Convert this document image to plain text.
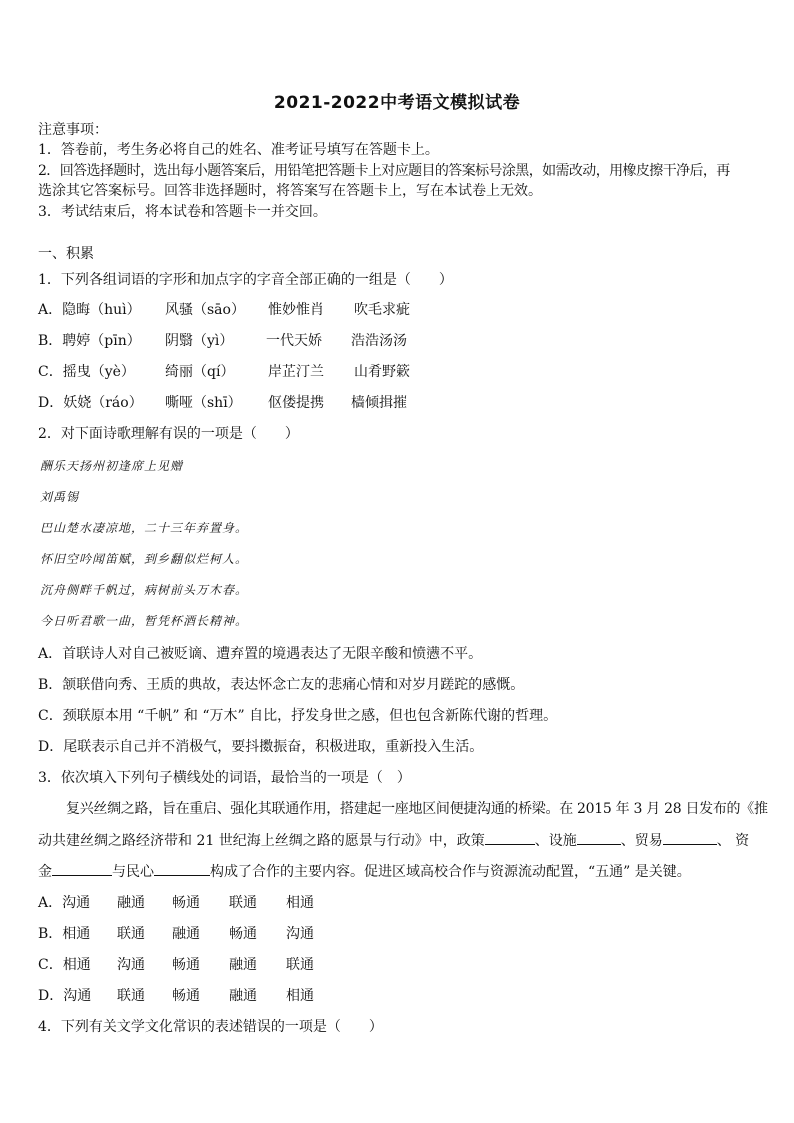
2021-2022中考语文模拟试卷
注意事项：
1．答卷前，考生务必将自己的姓名、准考证号填写在答题卡上。
2．回答选择题时，选出每小题答案后，用铅笔把答题卡上对应题目的答案标号涂黑，如需改动，用橡皮擦干净后，再
选涂其它答案标号。回答非选择题时，将答案写在答题卡上，写在本试卷上无效。
3．考试结束后，将本试卷和答题卡一并交回。
一、积累
1．下列各组词语的字形和加点字的字音全部正确的一组是（　　）
A．隐晦（huì） 风骚（sāo） 惟妙惟肖 吹毛求疵
B．聘婷（pīn） 阴翳（yì） 一代天娇 浩浩汤汤
C．摇曳（yè） 绮丽（qí） 岸芷汀兰 山肴野簌
D．妖娆（ráo） 嘶哑（shī） 伛偻提携 樯倾揖摧
2．对下面诗歌理解有误的一项是（　　）
酬乐天扬州初逢席上见赠
刘禹锡
巴山楚水凄凉地，二十三年弃置身。
怀旧空吟闻笛赋，到乡翻似烂柯人。
沉舟侧畔千帆过，病树前头万木春。
今日听君歌一曲，暂凭杯酒长精神。
A．首联诗人对自己被贬谪、遭弃置的境遇表达了无限辛酸和愤懑不平。
B．颔联借向秀、王质的典故，表达怀念亡友的悲痛心情和对岁月蹉跎的感慨。
C．颈联原本用 “千帆” 和 “万木” 自比，抒发身世之感，但也包含新陈代谢的哲理。
D．尾联表示自己并不消极气，要抖擞振奋，积极进取，重新投入生活。
3．依次填入下列句子横线处的词语，最恰当的一项是（　）
复兴丝绸之路，旨在重启、强化其联通作用，搭建起一座地区间便捷沟通的桥梁。在 2015 年 3 月 28 日发布的《推
动共建丝绸之路经济带和 21 世纪海上丝绸之路的愿景与行动》中，政策	、设施	、贸易	、 资
金	与民心	构成了合作的主要内容。促进区域高校合作与资源流动配置，“五通” 是关键。
A．沟通 融通 畅通 联通 相通
B．相通 联通 融通 畅通 沟通
C．相通 沟通 畅通 融通 联通
D．沟通 联通 畅通 融通 相通
4．下列有关文学文化常识的表述错误的一项是（　　）
